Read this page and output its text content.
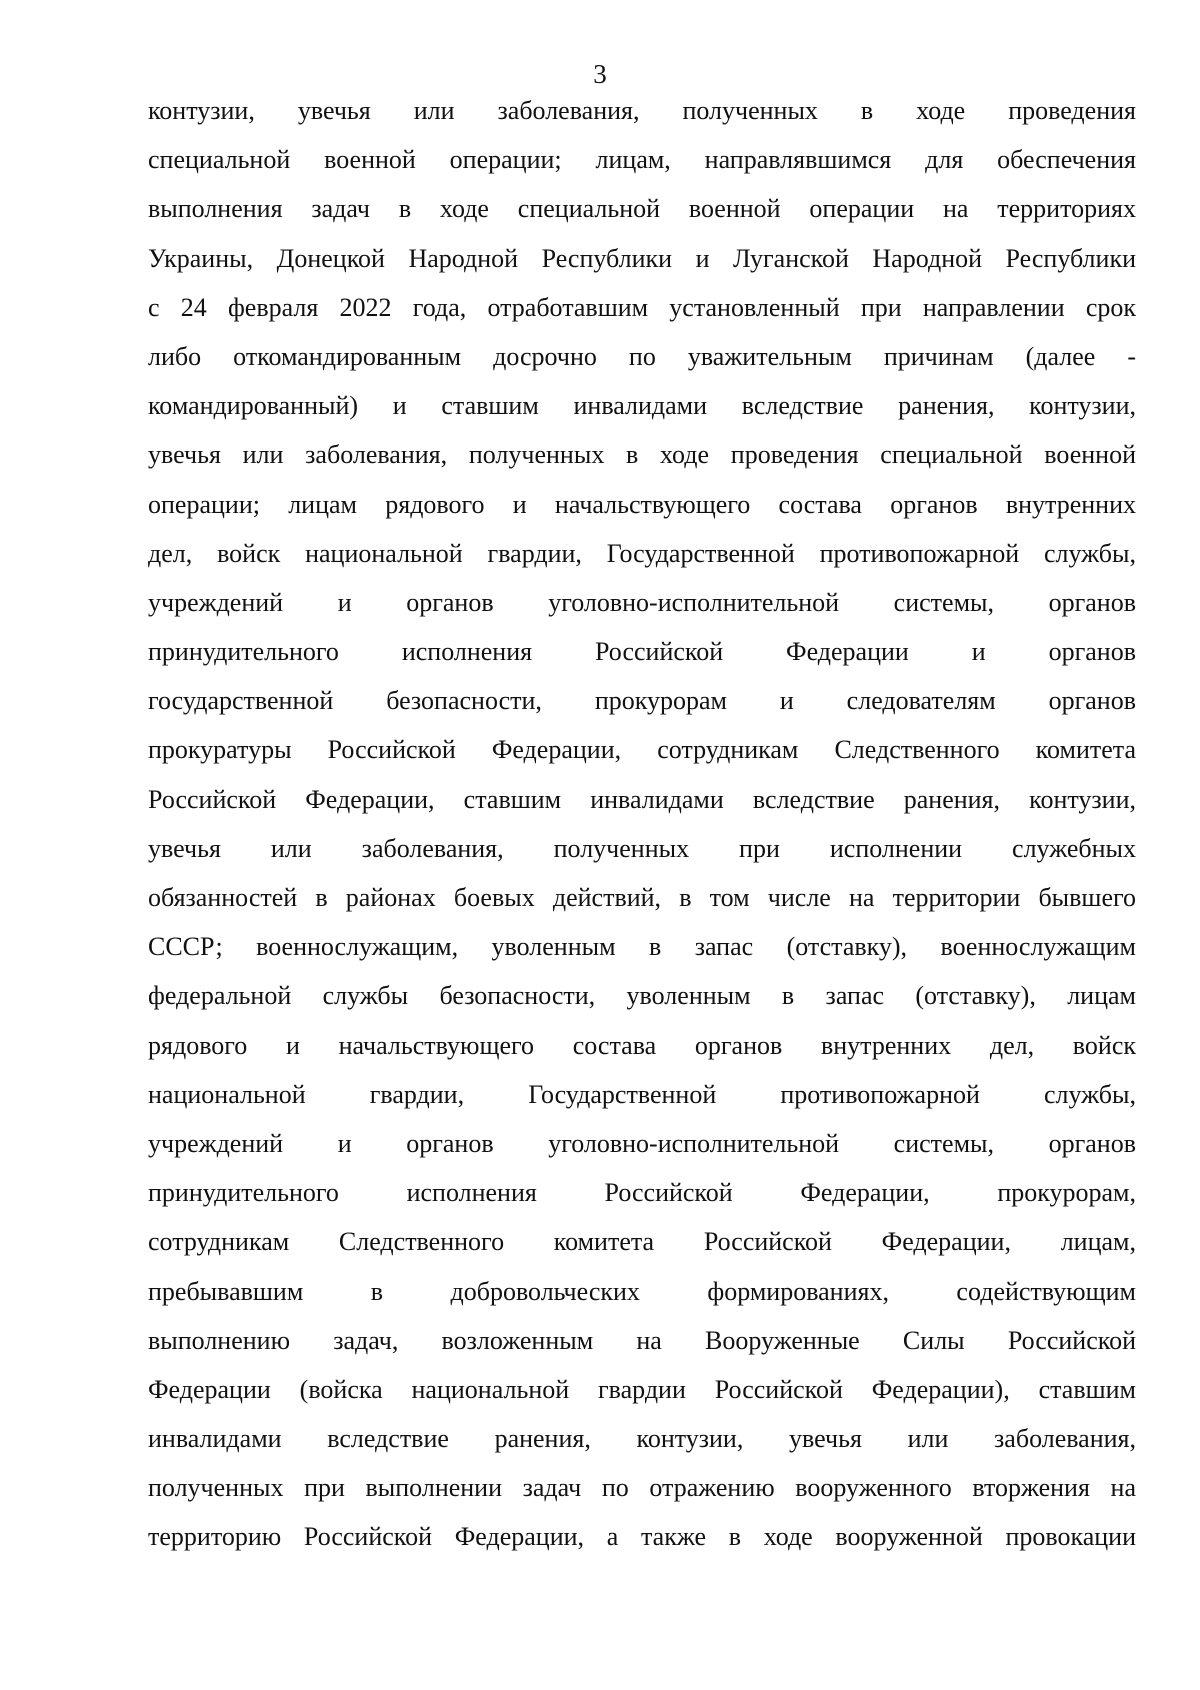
3
контузии, увечья или заболевания, полученных в ходе проведения
специальной военной операции; лицам, направлявшимся для обеспечения
выполнения задач в ходе специальной военной операции на территориях
Украины, Донецкой Народной Республики и Луганской Народной Республики
с 24 февраля 2022 года, отработавшим установленный при направлении срок
либо откомандированным досрочно по уважительным причинам (далее -
командированный) и ставшим инвалидами вследствие ранения, контузии,
увечья или заболевания, полученных в ходе проведения специальной военной
операции; лицам рядового и начальствующего состава органов внутренних
дел, войск национальной гвардии, Государственной противопожарной службы,
учреждений и органов уголовно-исполнительной системы, органов
принудительного исполнения Российской Федерации и органов
государственной безопасности, прокурорам и следователям органов
прокуратуры Российской Федерации, сотрудникам Следственного комитета
Российской Федерации, ставшим инвалидами вследствие ранения, контузии,
увечья или заболевания, полученных при исполнении служебных
обязанностей в районах боевых действий, в том числе на территории бывшего
СССР; военнослужащим, уволенным в запас (отставку), военнослужащим
федеральной службы безопасности, уволенным в запас (отставку), лицам
рядового и начальствующего состава органов внутренних дел, войск
национальной гвардии, Государственной противопожарной службы,
учреждений и органов уголовно-исполнительной системы, органов
принудительного исполнения Российской Федерации, прокурорам,
сотрудникам Следственного комитета Российской Федерации, лицам,
пребывавшим в добровольческих формированиях, содействующим
выполнению задач, возложенным на Вооруженные Силы Российской
Федерации (войска национальной гвардии Российской Федерации), ставшим
инвалидами вследствие ранения, контузии, увечья или заболевания,
полученных при выполнении задач по отражению вооруженного вторжения на
территорию Российской Федерации, а также в ходе вооруженной провокации
